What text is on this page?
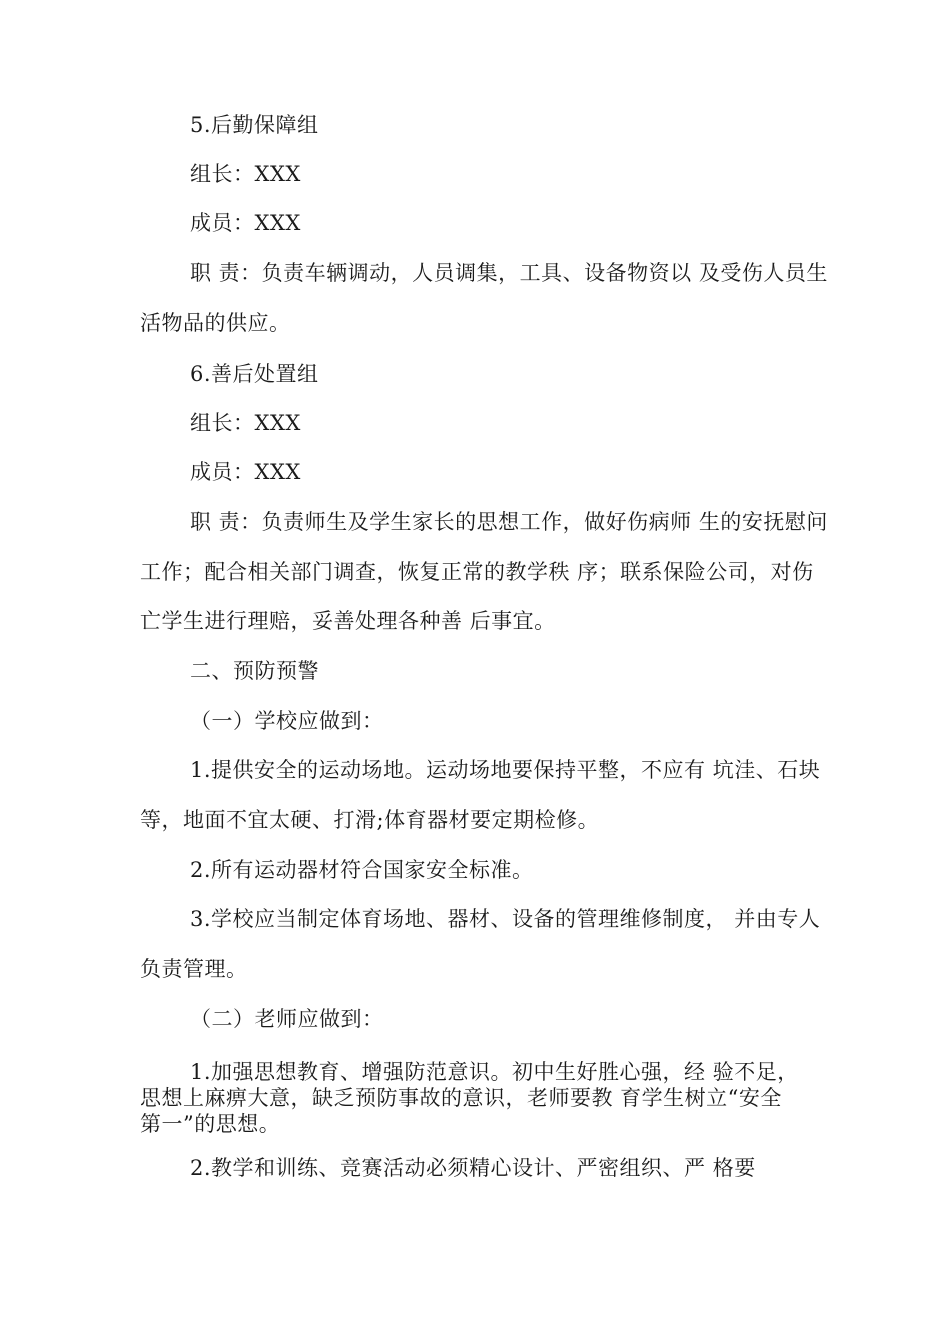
5.后勤保障组

组长：XXX

成员：XXX

职 责：负责车辆调动，人员调集，工具、设备物资以 及受伤人员生活物品的供应。

6.善后处置组

组长：XXX

成员：XXX

职 责：负责师生及学生家长的思想工作，做好伤病师 生的安抚慰问工作；配合相关部门调查，恢复正常的教学秩 序；联系保险公司，对伤亡学生进行理赔，妥善处理各种善 后事宜。

二、预防预警

（一）学校应做到：

1.提供安全的运动场地。运动场地要保持平整，不应有 坑洼、石块等，地面不宜太硬、打滑;体育器材要定期检修。

2.所有运动器材符合国家安全标准。

3.学校应当制定体育场地、器材、设备的管理维修制度， 并由专人负责管理。

（二）老师应做到：

1.加强思想教育、增强防范意识。初中生好胜心强，经 验不足，思想上麻痹大意，缺乏预防事故的意识，老师要教 育学生树立“安全第一”的思想。

2.教学和训练、竞赛活动必须精心设计、严密组织、严 格要
